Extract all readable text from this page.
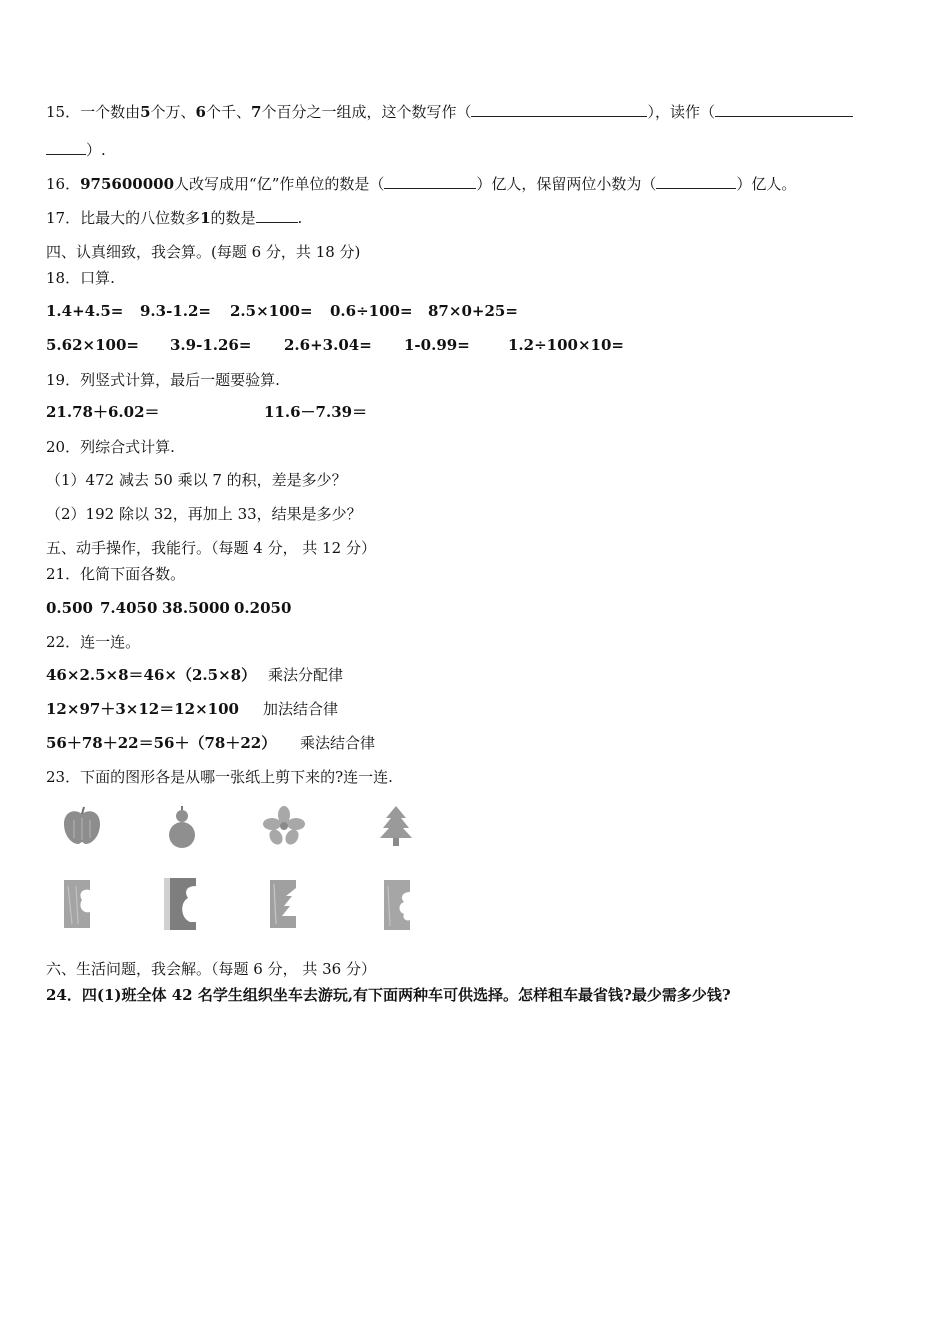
15．一个数由5个万、6个千、7个百分之一组成，这个数写作（	），读作（
）.
16．975600000人改写成用“亿”作单位的数是（	）亿人，保留两位小数为（	）亿人。
17．比最大的八位数多1的数是	.
四、认真细致，我会算。(每题 6 分，共 18 分)
18．口算.
1.4+4.5= 9.3-1.2= 2.5×100= 0.6÷100= 87×0+25=
5.62×100= 3.9-1.26= 2.6+3.04= 1-0.99=	1.2÷100×10=
19．列竖式计算，最后一题要验算.
21.78＋6.02＝	11.6－7.39＝
20．列综合式计算.
（1）472 减去 50 乘以 7 的积，差是多少？
（2）192 除以 32，再加上 33，结果是多少？
五、动手操作，我能行。（每题 4 分， 共 12 分）
21．化简下面各数。
0.500 7.4050 38.5000 0.2050
22．连一连。
46×2.5×8＝46×（2.5×8） 乘法分配律
12×97＋3×12＝12×100 加法结合律
56＋78＋22＝56＋（78＋22） 乘法结合律
23．下面的图形各是从哪一张纸上剪下来的?连一连.
六、生活问题，我会解。（每题 6 分， 共 36 分）
24．四(1)班全体 42 名学生组织坐车去游玩,有下面两种车可供选择。怎样租车最省钱?最少需多少钱?
